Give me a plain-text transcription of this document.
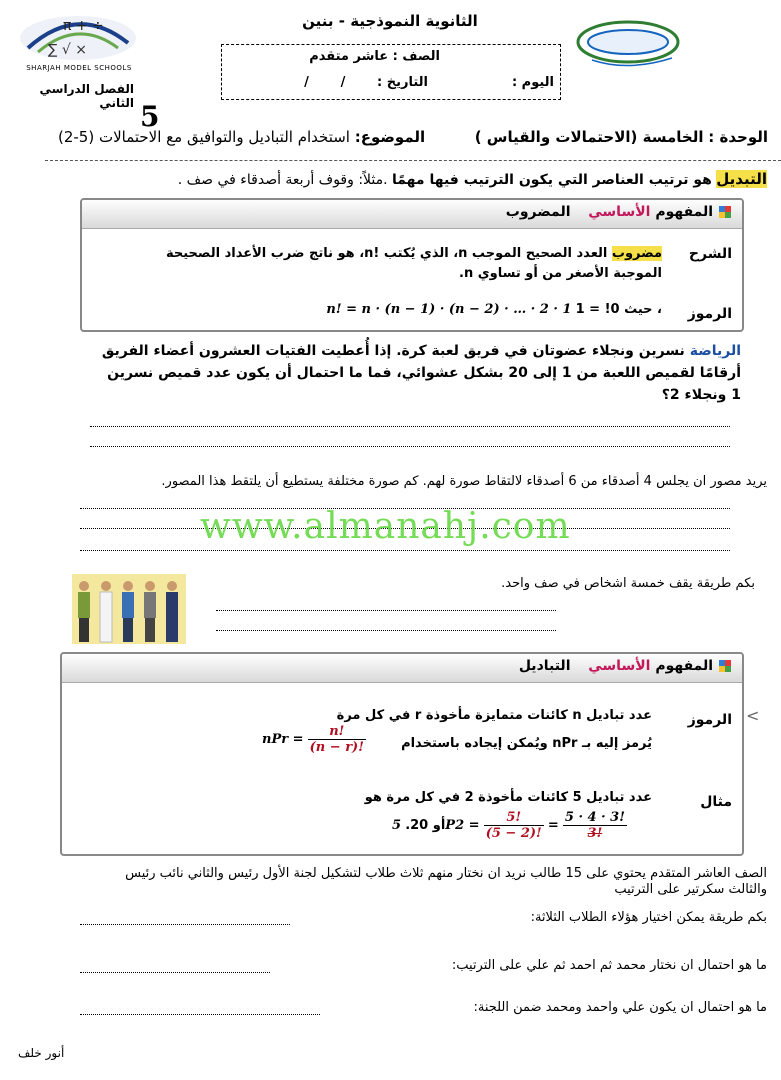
π + ÷
∑ √ ×
SHARJAH MODEL SCHOOLS
الثانوية النموذجية - بنين
الصف : عاشر متقدم
اليوم :
التاريخ :       /       /
الفصل الدراسي الثاني 5
الوحدة : الخامسة (الاحتمالات والقياس )  الموضوع: استخدام التباديل والتوافيق مع الاحتمالات (5-2)
التبديل هو ترتيب العناصر التي يكون الترتيب فيها مهمًا .مثلاً: وقوف أربعة أصدقاء في صف .
المفهوم الأساسي  المضروب
الشرح
مضروب العدد الصحيح الموجب n، الذي يُكتب !n، هو ناتج ضرب الأعداد الصحيحة
الموجبة الأصغر من أو تساوي n.
الرموز
، حيث 0! = 1 n! = n · (n − 1) · (n − 2) · … · 2 · 1
الرياضة نسرين ونجلاء عضوتان في فريق لعبة كرة. إذا أُعطيت الفتيات العشرون أعضاء الفريق أرقامًا لقميص اللعبة من 1 إلى 20 بشكل عشوائي، فما ما احتمال أن يكون عدد قميص نسرين 1 ونجلاء 2؟
يريد مصور ان يجلس 4 أصدقاء من 6 أصدقاء لالتقاط صورة لهم. كم صورة مختلفة يستطيع أن يلتقط هذا المصور.
www.almanahj.com
بكم طريقة يقف خمسة اشخاص في صف واحد.
المفهوم الأساسي  التباديل
الرموز
عدد تباديل n كائنات متمايزة مأخوذة r في كل مرة
يُرمز إليه بـ nPr ويُمكن إيجاده باستخدام
nPr = $\frac{n!}{(n - r)!}$
مثال
عدد تباديل 5 كائنات مأخوذة 2 في كل مرة هو
أو 20. $5P2 = \frac{5!}{(5 - 2)!} = \frac{5 \cdot 4 \cdot 3!}{3!}$
<
الصف العاشر المتقدم يحتوي على 15 طالب نريد ان نختار منهم ثلاث طلاب لتشكيل لجنة الأول رئيس والثاني نائب رئيس
والثالث سكرتير على الترتيب
بكم طريقة يمكن اختيار هؤلاء الطلاب الثلاثة:
ما هو احتمال ان نختار محمد ثم احمد ثم علي على الترتيب:
ما هو احتمال ان يكون علي واحمد ومحمد ضمن اللجنة:
أنور خلف
